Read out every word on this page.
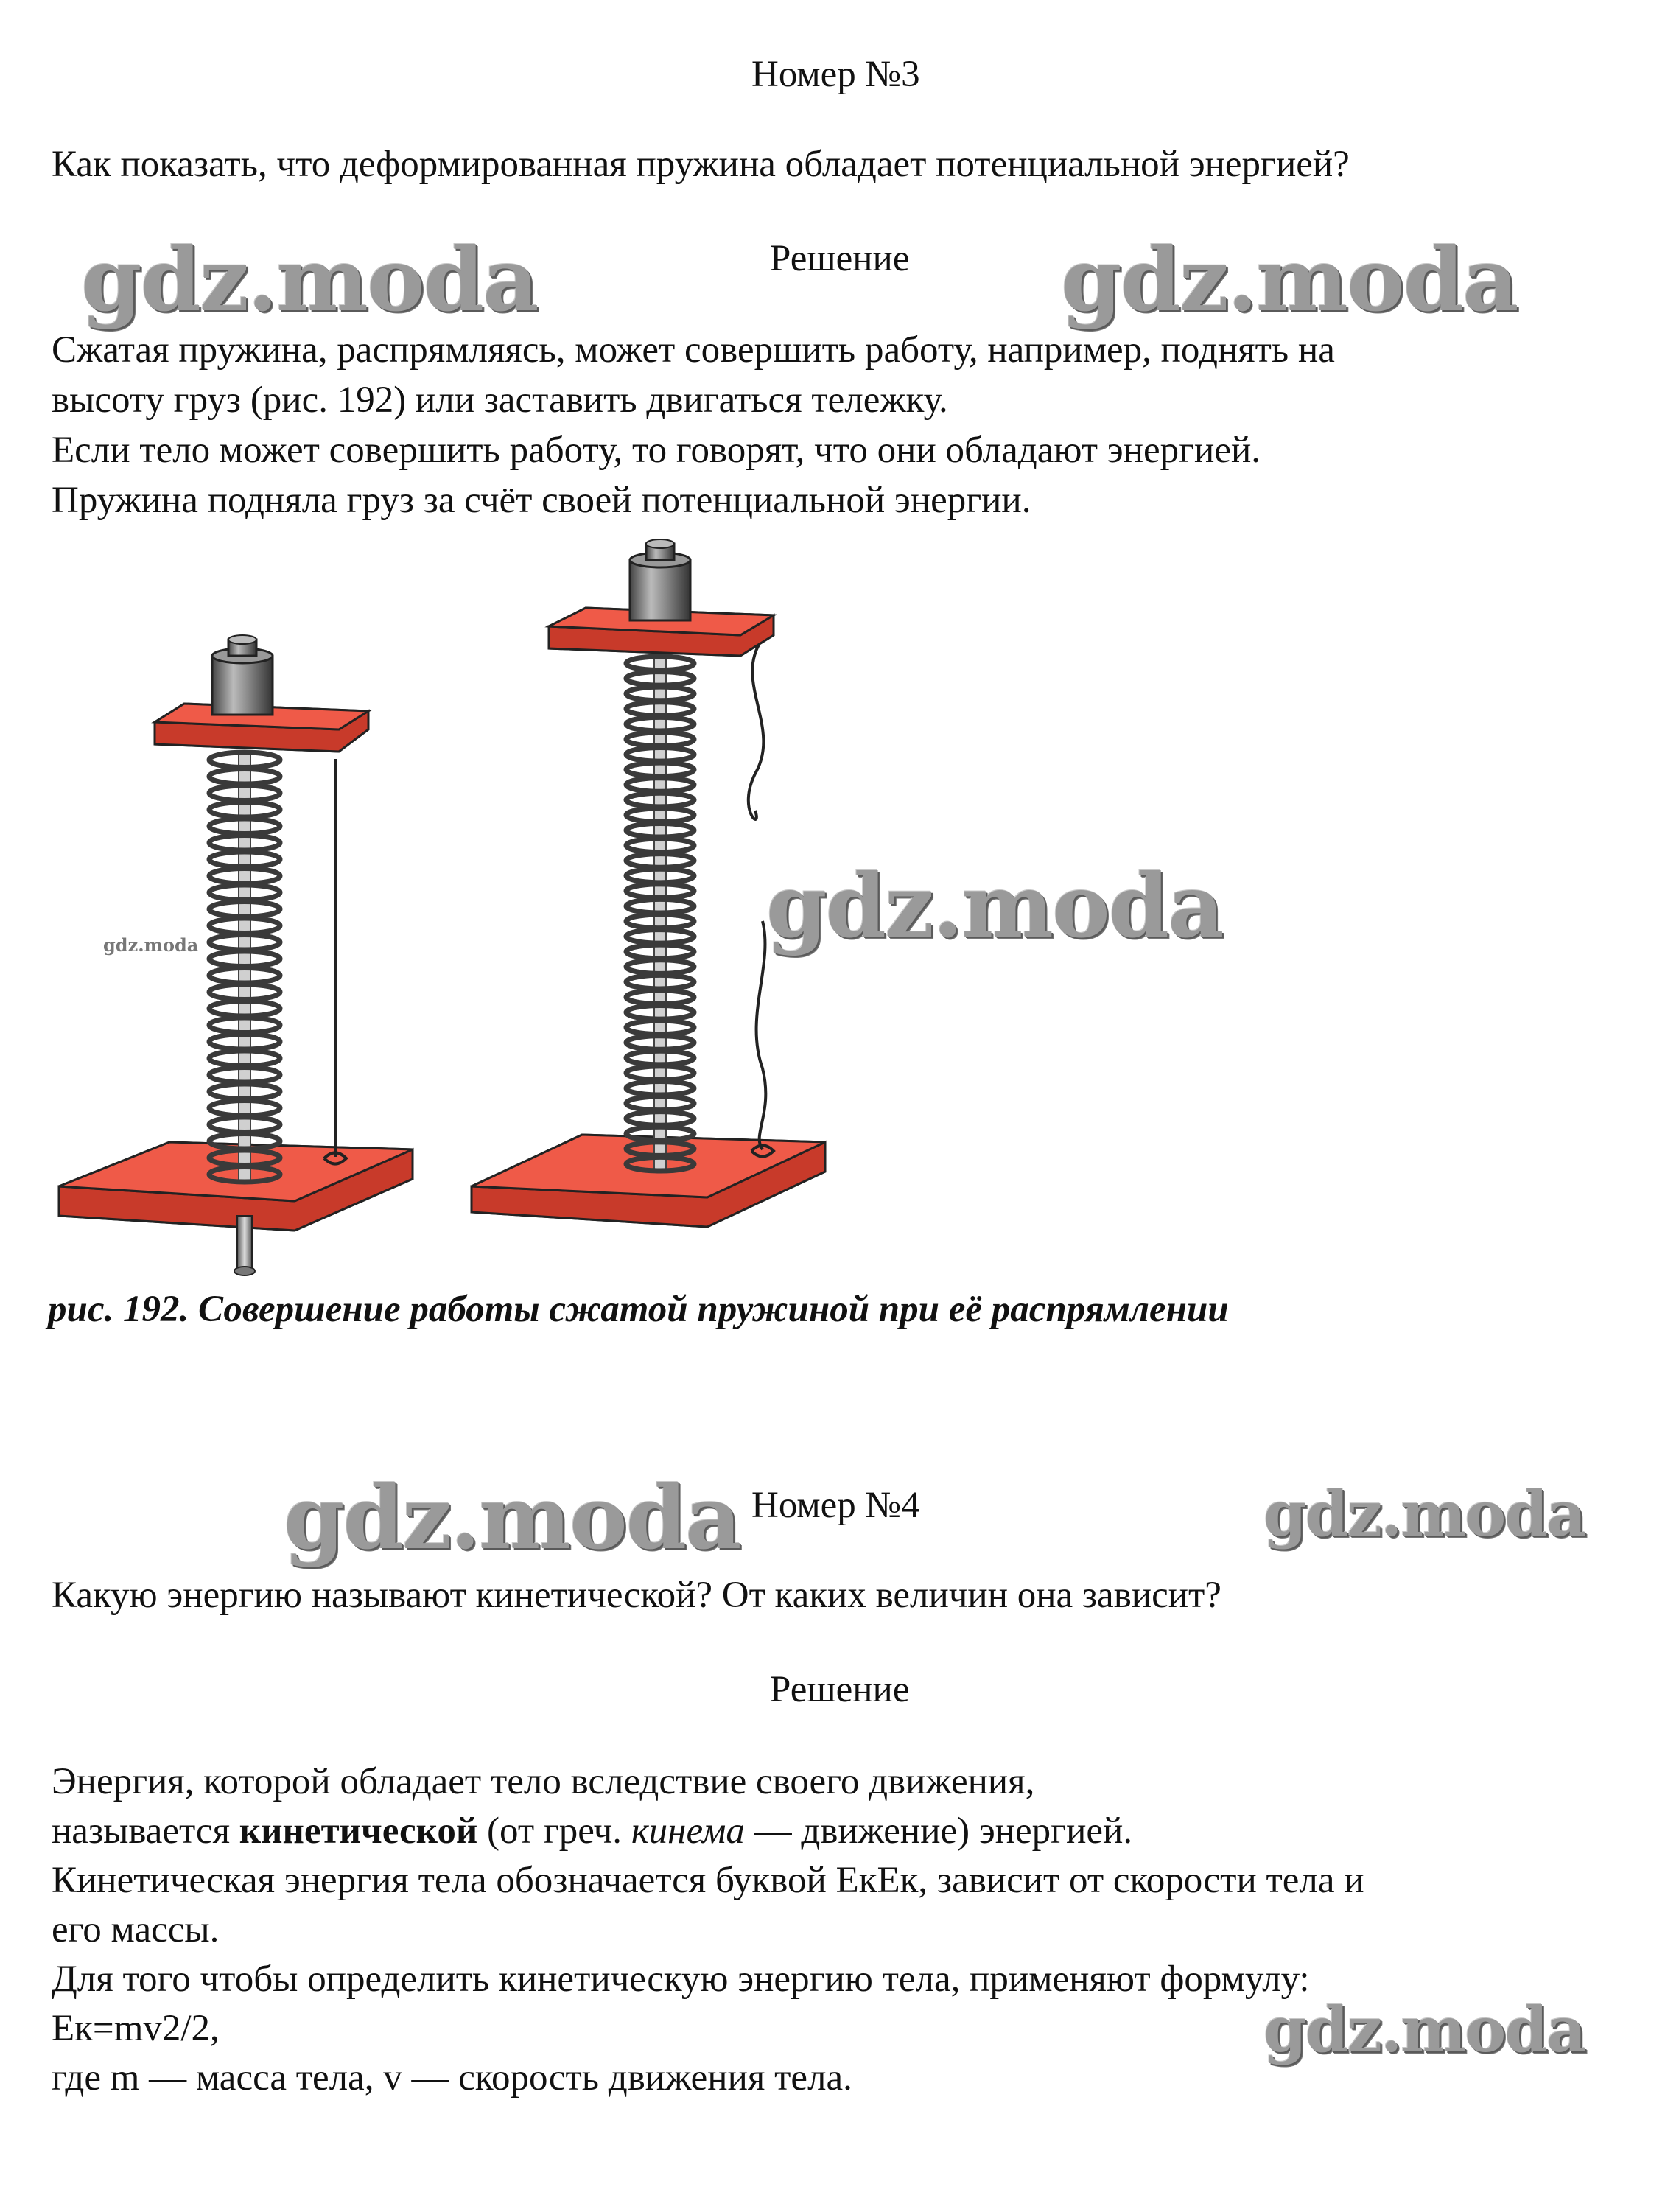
Номер №3
Как показать, что деформированная пружина обладает потенциальной энергией?
Решение
gdz.moda	gdz.moda
Сжатая пружина, распрямляясь, может совершить работу, например, поднять на
высоту груз (рис. 192) или заставить двигаться тележку.
Если тело может совершить работу, то говорят, что они обладают энергией.
Пружина подняла груз за счёт своей потенциальной энергии.
gdz.moda	gdz.moda
рис. 192. Совершение работы сжатой пружиной при её распрямлении
gdz.moda Номер №4	gdz.moda
Какую энергию называют кинетической? От каких величин она зависит?
Решение
Энергия, которой обладает тело вследствие своего движения,
называется кинетической (от греч. кинема — движение) энергией.
Кинетическая энергия тела обозначается буквой ЕкЕк, зависит от скорости тела и
его массы.
Для того чтобы определить кинетическую энергию тела, применяют формулу:
Ек=mv2/2,	gdz.moda
где m — масса тела, v — скорость движения тела.
